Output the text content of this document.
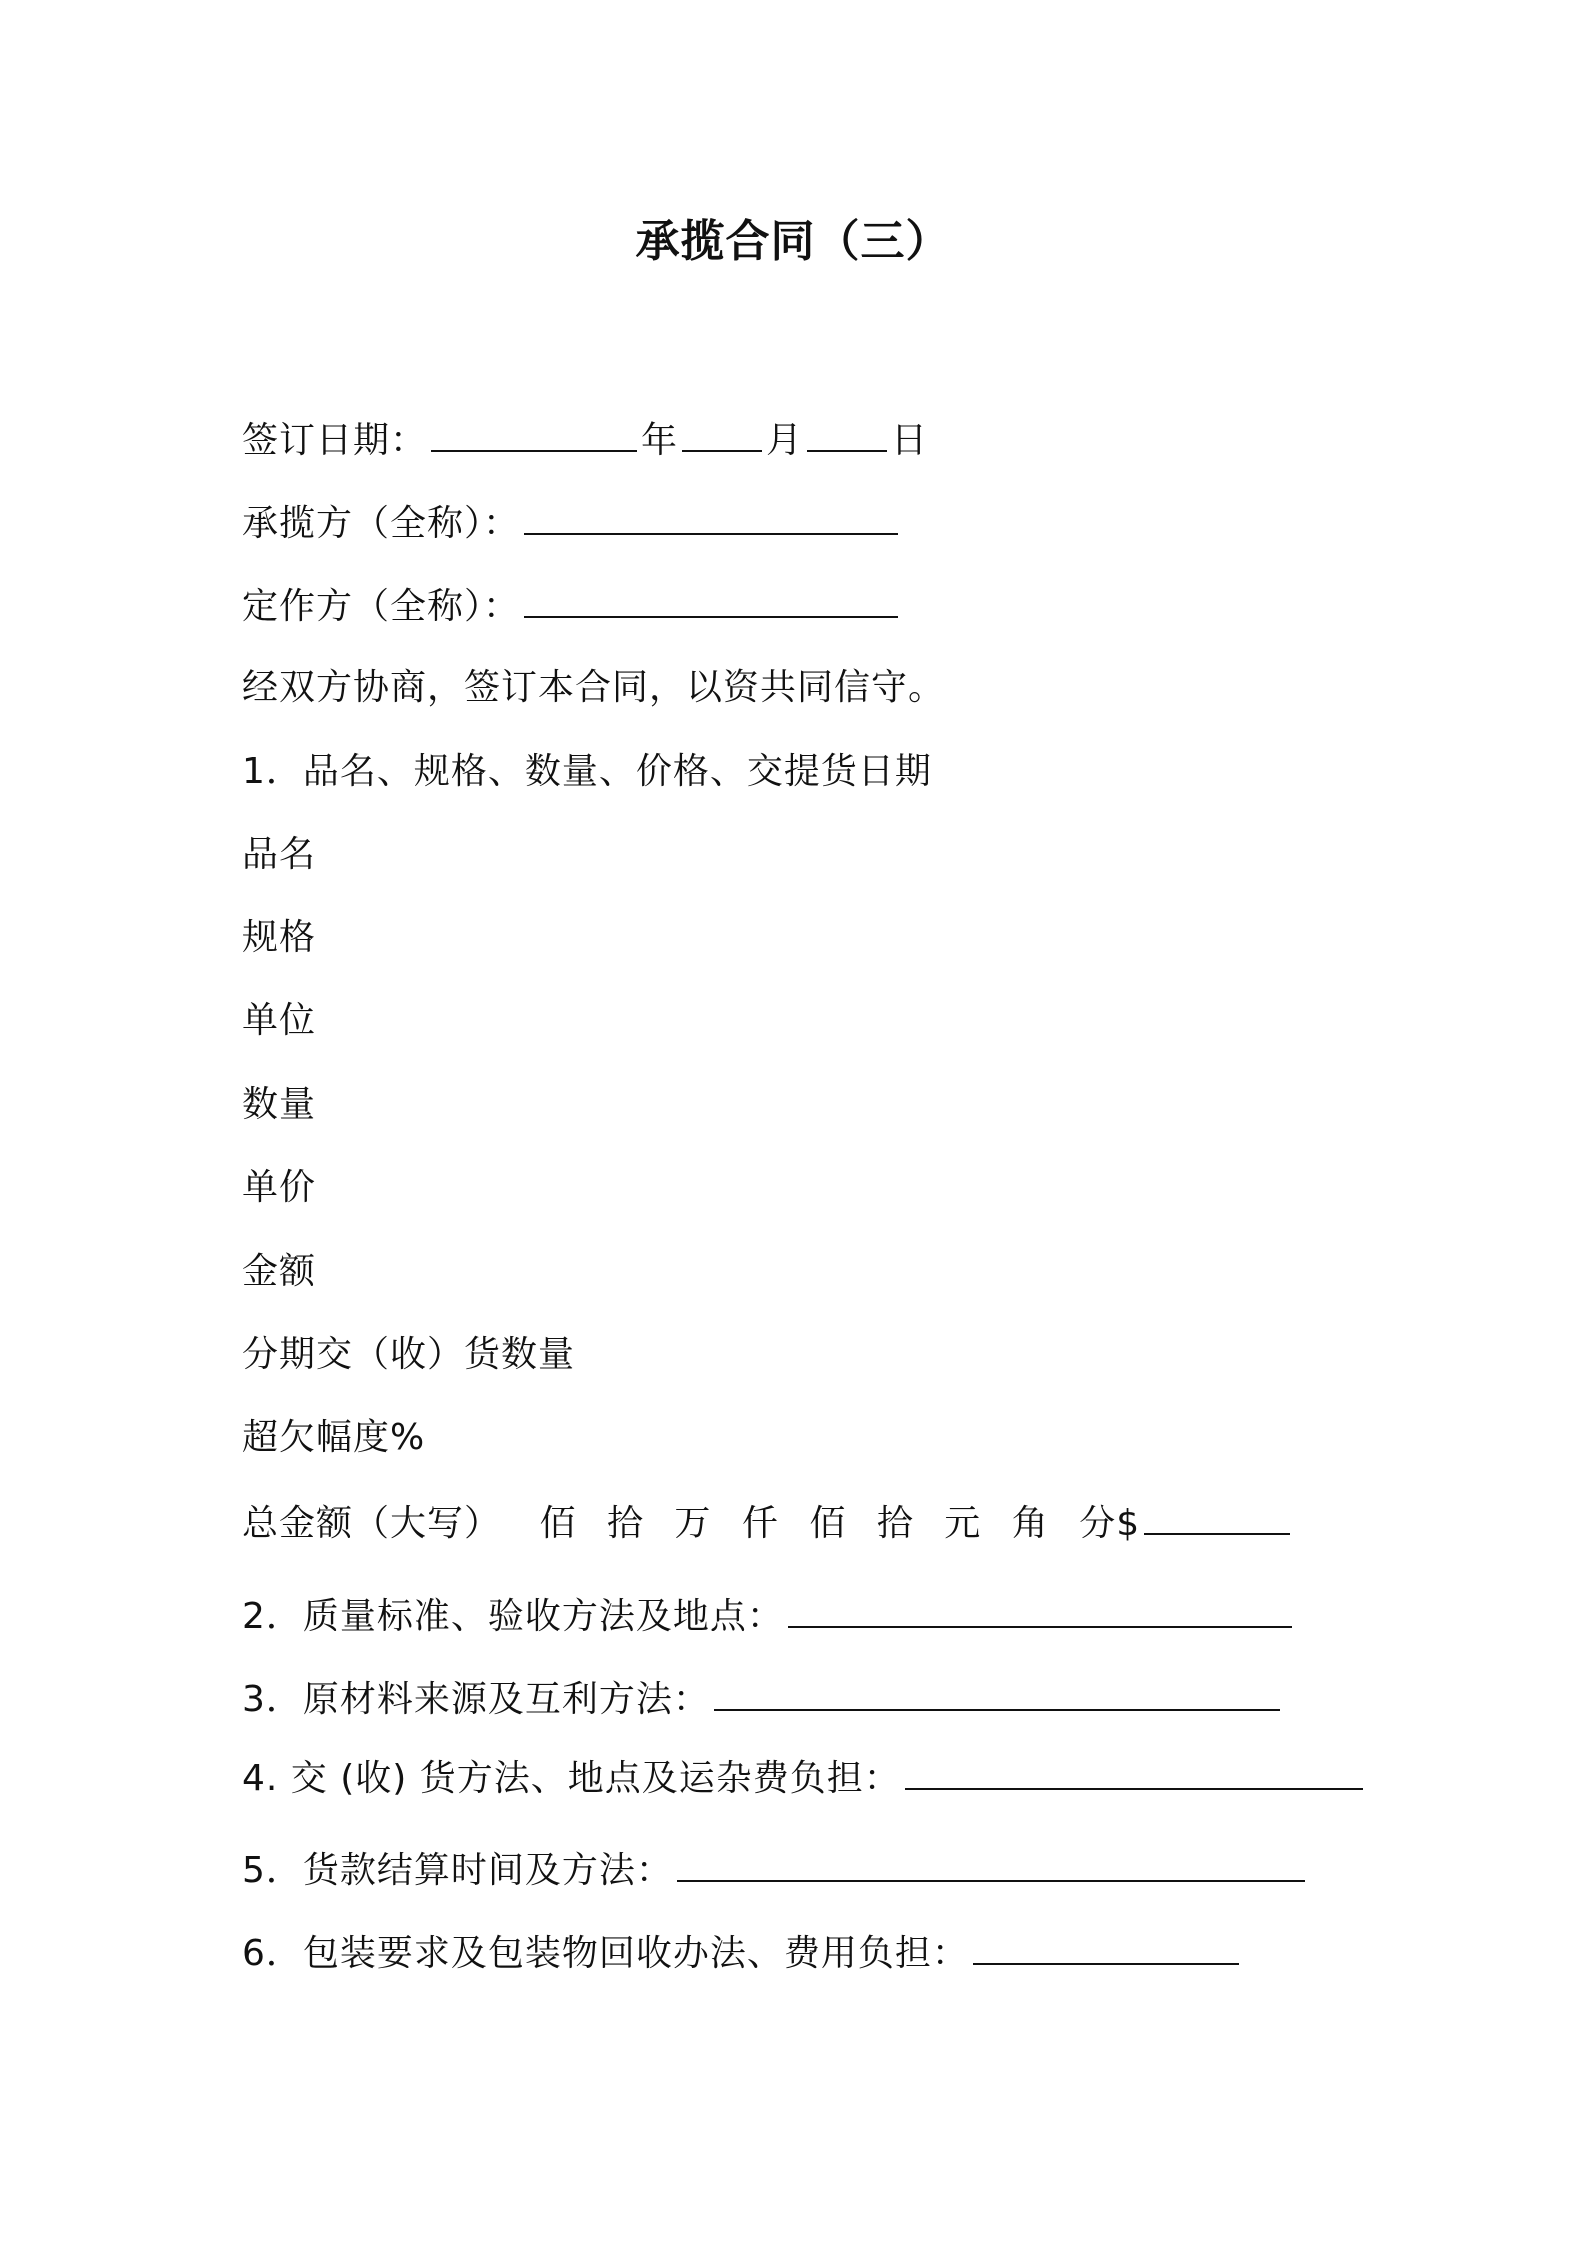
承揽合同（三）
签订日期：	年 月 日
承揽方（全称）：
定作方（全称）：
经双方协商，签订本合同，以资共同信守。
1．品名、规格、数量、价格、交提货日期
品名
规格
单位
数量
单价
金额
分期交（收）货数量
超欠幅度%
总金额（大写） 佰 拾 万 仟 佰 拾 元 角 分$
2．质量标准、验收方法及地点：
3．原材料来源及互利方法：
4. 交 (收) 货方法、地点及运杂费负担：
5．货款结算时间及方法：
6．包装要求及包装物回收办法、费用负担：
